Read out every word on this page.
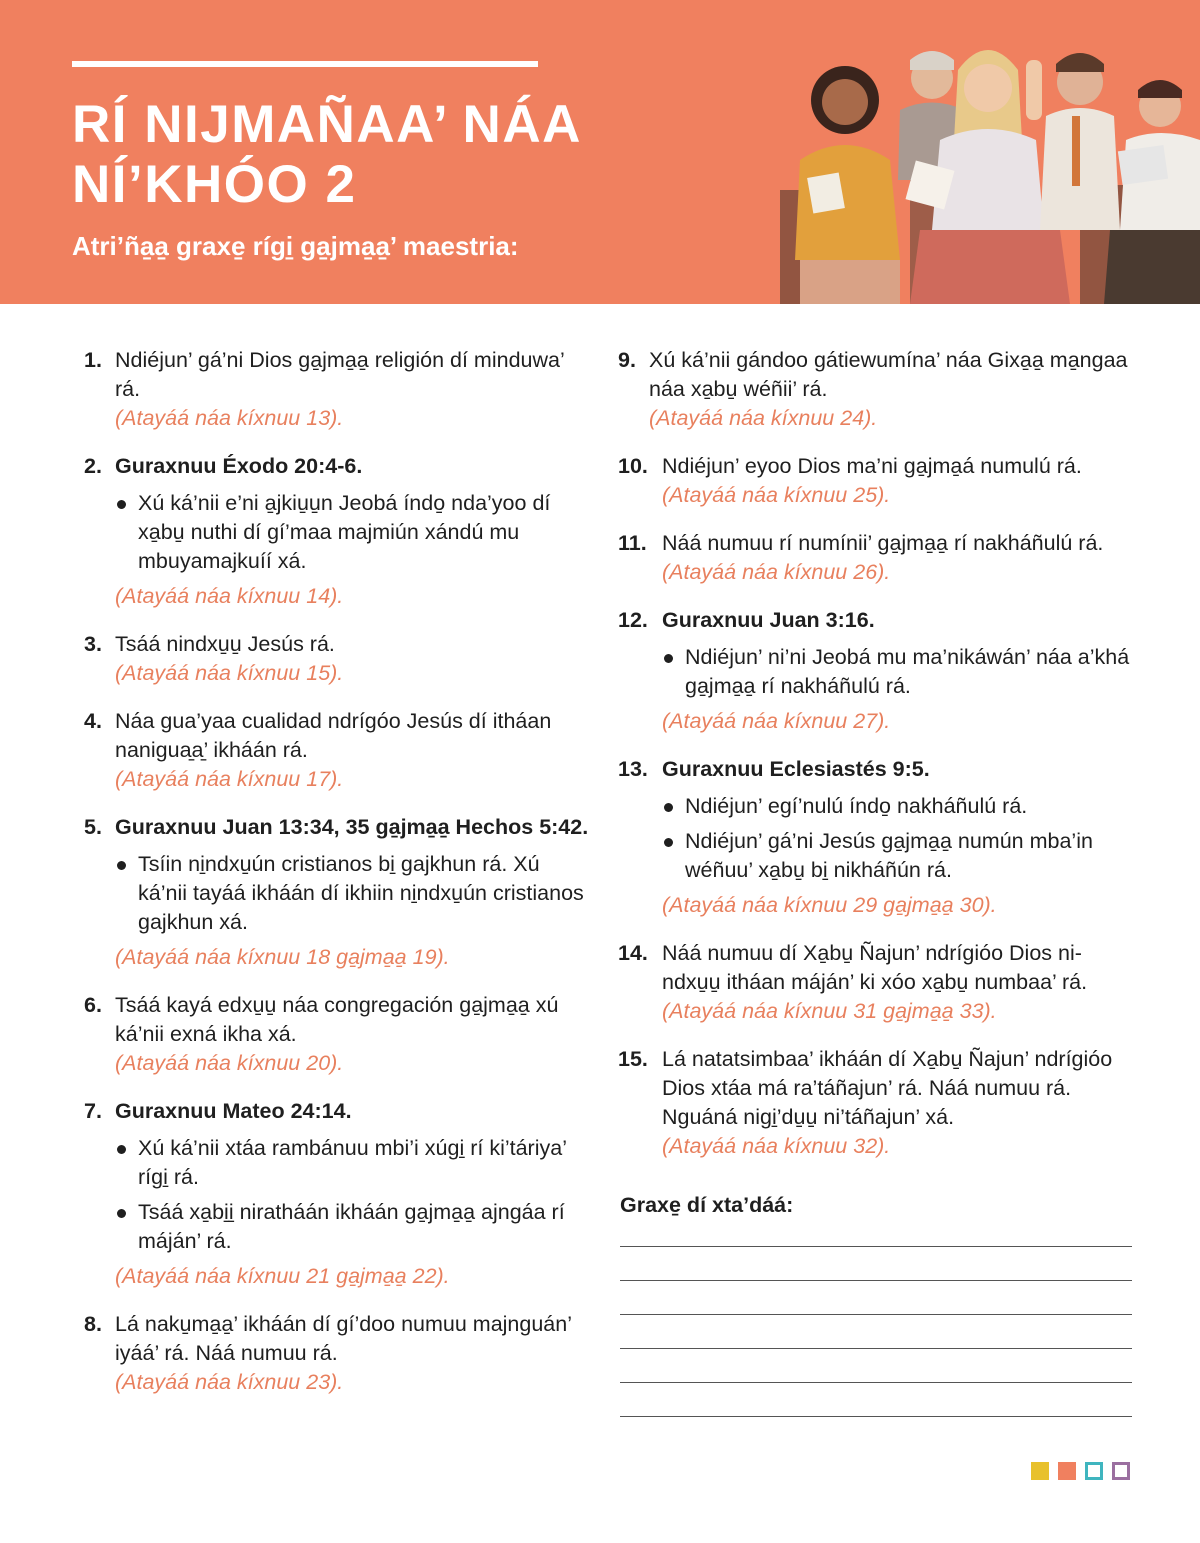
RÍ NIJMAÑAA’ NÁA
NÍ’KHÓO 2
Atri’ña̱a̱ graxe̱ rígi̱ ga̱jma̱a̱’ maestria:
1. Ndiéjun’ gá’ni Dios ga̱jma̱a̱ religión dí minduwa’ rá.
(Atayáá náa kíxnuu 13).
2. Guraxnuu Éxodo 20:4-6.
Xú ká’nii e’ni a̱jkiu̱u̱n Jeobá índo̱ nda’yoo dí xa̱bu̱ nuthi dí gí’maa majmiún xándú mu mbuyamajkuíí xá.
(Atayáá náa kíxnuu 14).
3. Tsáá nindxu̱u̱ Jesús rá.
(Atayáá náa kíxnuu 15).
4. Náa gua’yaa cualidad ndrígóo Jesús dí itháan naniguа̱а̱’ ikháán rá.
(Atayáá náa kíxnuu 17).
5. Guraxnuu Juan 13:34, 35 ga̱jma̱a̱ Hechos 5:42.
Tsíin ni̱ndxu̱ún cristianos bi̱ gajkhun rá. Xú ká’nii tayáá ikháán dí ikhiin ni̱ndxu̱ún cristianos gajkhun xá.
(Atayáá náa kíxnuu 18 ga̱jma̱a̱ 19).
6. Tsáá kayá edxu̱u̱ náa congregación ga̱jma̱a̱ xú ká’nii exná ikha xá.
(Atayáá náa kíxnuu 20).
7. Guraxnuu Mateo 24:14.
Xú ká’nii xtáa rambánuu mbi’i xúgi̱ rí ki’táriya’ rígi̱ rá.
Tsáá xa̱bi̱i̱ niratháán ikháán ga̱jma̱a̱ ajngáa rí máján’ rá.
(Atayáá náa kíxnuu 21 ga̱jma̱a̱ 22).
8. Lá naku̱ma̱a̱’ ikháán dí gí’doo numuu majnguán’ iyáá’ rá. Náá numuu rá.
(Atayáá náa kíxnuu 23).
9. Xú ká’nii gándoo gátiewumína’ náa Gixa̱a̱ ma̱ngaa náa xa̱bu̱ wéñii’ rá.
(Atayáá náa kíxnuu 24).
10. Ndiéjun’ eyoo Dios ma’ni ga̱jma̱á numulú rá.
(Atayáá náa kíxnuu 25).
11. Náá numuu rí numínii’ ga̱jma̱a̱ rí nakháñulú rá.
(Atayáá náa kíxnuu 26).
12. Guraxnuu Juan 3:16.
Ndiéjun’ ni’ni Jeobá mu ma’nikáwán’ náa a’khá ga̱jma̱a̱ rí nakháñulú rá.
(Atayáá náa kíxnuu 27).
13. Guraxnuu Eclesiastés 9:5.
Ndiéjun’ egí’nulú índo̱ nakháñulú rá.
Ndiéjun’ gá’ni Jesús ga̱jma̱a̱ numún mba’in wéñuu’ xa̱bu̱ bi̱ nikháñún rá.
(Atayáá náa kíxnuu 29 ga̱jma̱a̱ 30).
14. Náá numuu dí Xa̱bu̱ Ñajun’ ndrígióo Dios ni-ndxu̱u̱ itháan máján’ ki xóo xa̱bu̱ numbaa’ rá.
(Atayáá náa kíxnuu 31 ga̱jma̱a̱ 33).
15. Lá natatsimbaa’ ikháán dí Xa̱bu̱ Ñajun’ ndrígióo Dios xtáa má ra’táñajun’ rá. Náá numuu rá. Nguáná nigi̱’du̱u̱ ni’táñajun’ xá.
(Atayáá náa kíxnuu 32).
Graxe̱ dí xta’dáá:
